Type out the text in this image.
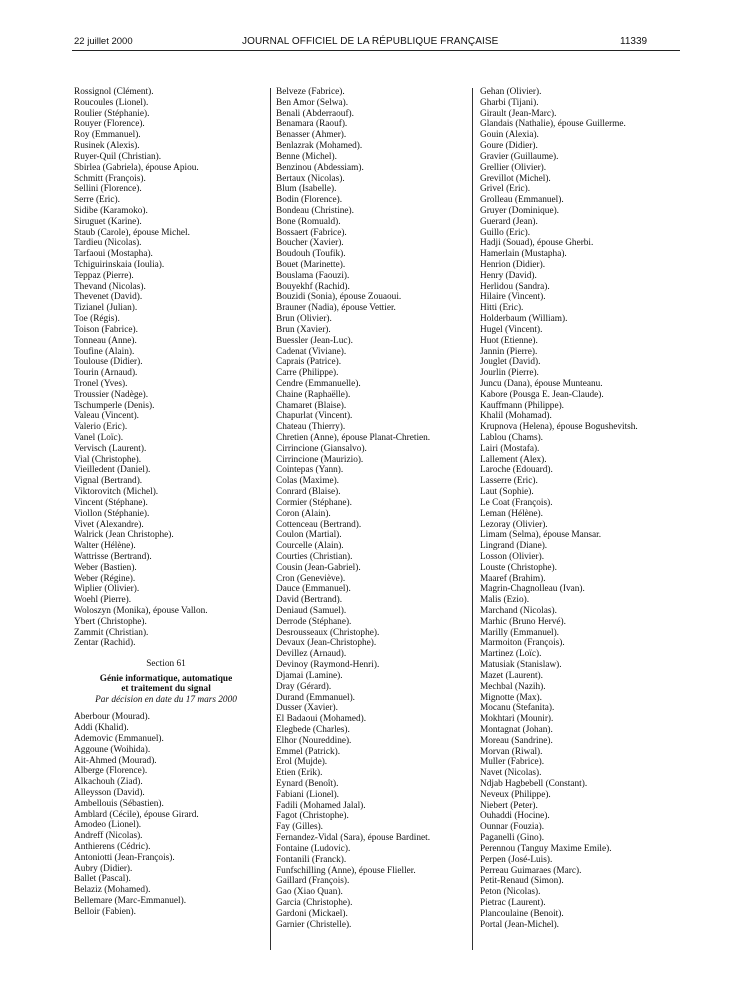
22 juillet 2000	JOURNAL OFFICIEL DE LA RÉPUBLIQUE FRANÇAISE	11339
Rossignol (Clément).
Roucoules (Lionel).
Roulier (Stéphanie).
Rouyer (Florence).
Roy (Emmanuel).
Rusinek (Alexis).
Ruyer-Quil (Christian).
Sbirlea (Gabriela), épouse Apiou.
Schmitt (François).
Sellini (Florence).
Serre (Eric).
Sidibe (Karamoko).
Siruguet (Karine).
Staub (Carole), épouse Michel.
Tardieu (Nicolas).
Tarfaoui (Mostapha).
Tchiguirinskaia (Ioulia).
Teppaz (Pierre).
Thevand (Nicolas).
Thevenet (David).
Tizianel (Julian).
Toe (Régis).
Toison (Fabrice).
Tonneau (Anne).
Toufine (Alain).
Toulouse (Didier).
Tourin (Arnaud).
Tronel (Yves).
Troussier (Nadège).
Tschumperle (Denis).
Valeau (Vincent).
Valerio (Eric).
Vanel (Loïc).
Vervisch (Laurent).
Vial (Christophe).
Vieilledent (Daniel).
Vignal (Bertrand).
Viktorovitch (Michel).
Vincent (Stéphane).
Viollon (Stéphanie).
Vivet (Alexandre).
Walrick (Jean Christophe).
Walter (Hélène).
Wattrisse (Bertrand).
Weber (Bastien).
Weber (Régine).
Wiplier (Olivier).
Woehl (Pierre).
Woloszyn (Monika), épouse Vallon.
Ybert (Christophe).
Zammit (Christian).
Zentar (Rachid).
Section 61
Génie informatique, automatique
et traitement du signal
Par décision en date du 17 mars 2000
Aberbour (Mourad).
Addi (Khalid).
Ademovic (Emmanuel).
Aggoune (Woihida).
Ait-Ahmed (Mourad).
Alberge (Florence).
Alkachouh (Ziad).
Alleysson (David).
Ambellouis (Sébastien).
Amblard (Cécile), épouse Girard.
Amodeo (Lionel).
Andreff (Nicolas).
Anthierens (Cédric).
Antoniotti (Jean-François).
Aubry (Didier).
Ballet (Pascal).
Belaziz (Mohamed).
Bellemare (Marc-Emmanuel).
Belloir (Fabien).
Belveze (Fabrice).
Ben Amor (Selwa).
Benali (Abderraouf).
Benamara (Raouf).
Benasser (Ahmer).
Benlazrak (Mohamed).
Benne (Michel).
Benzinou (Abdessiam).
Bertaux (Nicolas).
Blum (Isabelle).
Bodin (Florence).
Bondeau (Christine).
Bone (Romuald).
Bossaert (Fabrice).
Boucher (Xavier).
Boudouh (Toufik).
Bouet (Marinette).
Bouslama (Faouzi).
Bouyekhf (Rachid).
Bouzidi (Sonia), épouse Zouaoui.
Brauner (Nadia), épouse Vettier.
Brun (Olivier).
Brun (Xavier).
Buessler (Jean-Luc).
Cadenat (Viviane).
Caprais (Patrice).
Carre (Philippe).
Cendre (Emmanuelle).
Chaine (Raphaëlle).
Chamaret (Blaise).
Chapurlat (Vincent).
Chateau (Thierry).
Chretien (Anne), épouse Planat-Chretien.
Cirrincione (Giansalvo).
Cirrincione (Maurizio).
Cointepas (Yann).
Colas (Maxime).
Conrard (Blaise).
Cormier (Stéphane).
Coron (Alain).
Cottenceau (Bertrand).
Coulon (Martial).
Courcelle (Alain).
Courties (Christian).
Cousin (Jean-Gabriel).
Cron (Geneviève).
Dauce (Emmanuel).
David (Bertrand).
Deniaud (Samuel).
Derrode (Stéphane).
Desrousseaux (Christophe).
Devaux (Jean-Christophe).
Devillez (Arnaud).
Devinoy (Raymond-Henri).
Djamai (Lamine).
Dray (Gérard).
Durand (Emmanuel).
Dusser (Xavier).
El Badaoui (Mohamed).
Elegbede (Charles).
Elhor (Noureddine).
Emmel (Patrick).
Erol (Mujde).
Etien (Erik).
Eynard (Benoît).
Fabiani (Lionel).
Fadili (Mohamed Jalal).
Fagot (Christophe).
Fay (Gilles).
Fernandez-Vidal (Sara), épouse Bardinet.
Fontaine (Ludovic).
Fontanili (Franck).
Funfschilling (Anne), épouse Flieller.
Gaillard (François).
Gao (Xiao Quan).
Garcia (Christophe).
Gardoni (Mickael).
Garnier (Christelle).
Gehan (Olivier).
Gharbi (Tijani).
Girault (Jean-Marc).
Glandais (Nathalie), épouse Guillerme.
Gouin (Alexia).
Goure (Didier).
Gravier (Guillaume).
Grellier (Olivier).
Grevillot (Michel).
Grivel (Eric).
Grolleau (Emmanuel).
Gruyer (Dominique).
Guerard (Jean).
Guillo (Eric).
Hadji (Souad), épouse Gherbi.
Hamerlain (Mustapha).
Henrion (Didier).
Henry (David).
Herlidou (Sandra).
Hilaire (Vincent).
Hitti (Eric).
Holderbaum (William).
Hugel (Vincent).
Huot (Etienne).
Jannin (Pierre).
Jouglet (David).
Jourlin (Pierre).
Juncu (Dana), épouse Munteanu.
Kabore (Pousga E. Jean-Claude).
Kauffmann (Philippe).
Khalil (Mohamad).
Krupnova (Helena), épouse Bogushevitsh.
Lablou (Chams).
Lairi (Mostafa).
Lallement (Alex).
Laroche (Edouard).
Lasserre (Eric).
Laut (Sophie).
Le Coat (François).
Leman (Hélène).
Lezoray (Olivier).
Limam (Selma), épouse Mansar.
Lingrand (Diane).
Losson (Olivier).
Louste (Christophe).
Maaref (Brahim).
Magrin-Chagnolleau (Ivan).
Malis (Ezio).
Marchand (Nicolas).
Marhic (Bruno Hervé).
Marilly (Emmanuel).
Marmoiton (François).
Martinez (Loïc).
Matusiak (Stanislaw).
Mazet (Laurent).
Mechbal (Nazih).
Mignotte (Max).
Mocanu (Stefanita).
Mokhtari (Mounir).
Montagnat (Johan).
Moreau (Sandrine).
Morvan (Riwal).
Muller (Fabrice).
Navet (Nicolas).
Ndjab Hagbebell (Constant).
Neveux (Philippe).
Niebert (Peter).
Ouhaddi (Hocine).
Ounnar (Fouzia).
Paganelli (Gino).
Perennou (Tanguy Maxime Emile).
Perpen (José-Luis).
Perreau Guimaraes (Marc).
Petit-Renaud (Simon).
Peton (Nicolas).
Pietrac (Laurent).
Plancoulaine (Benoit).
Portal (Jean-Michel).
